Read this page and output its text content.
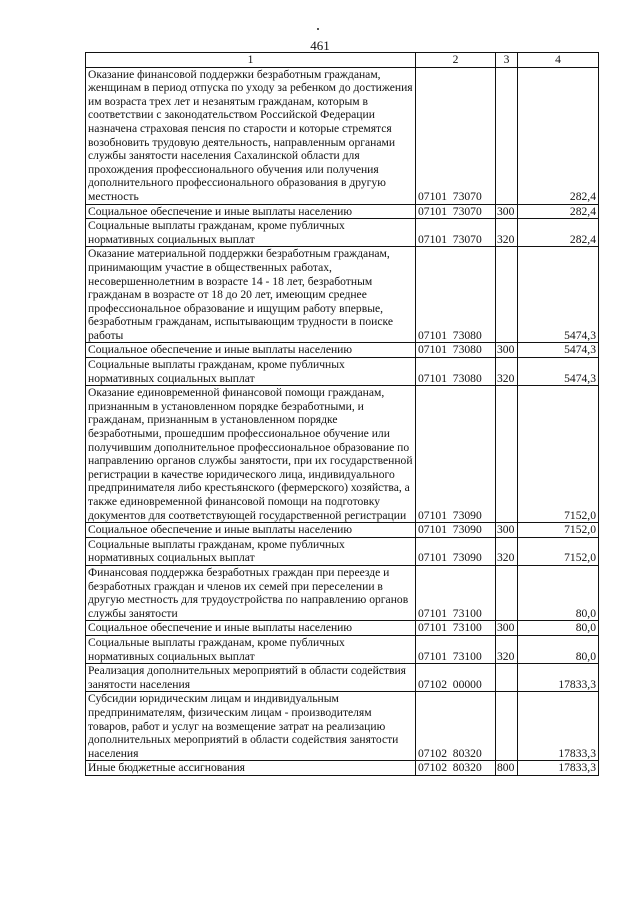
461
1	2	3	4
Оказание финансовой поддержки безработным гражданам, женщинам в период отпуска по уходу за ребенком до достижения им возраста трех лет и незанятым гражданам, которым в соответствии с законодательством Российской Федерации назначена страховая пенсия по старости и которые стремятся возобновить трудовую деятельность, направленным органами службы занятости населения Сахалинской области для прохождения профессионального обучения или получения дополнительного профессионального образования в другую местность	07101  73070		282,4
Социальное обеспечение и иные выплаты населению	07101  73070	300	282,4
Социальные выплаты гражданам, кроме публичных нормативных социальных выплат	07101  73070	320	282,4
Оказание материальной поддержки безработным гражданам, принимающим участие в общественных работах, несовершеннолетним в возрасте 14 - 18 лет, безработным гражданам в возрасте от 18 до 20 лет, имеющим среднее профессиональное образование и ищущим работу впервые, безработным гражданам, испытывающим трудности в поиске работы	07101  73080		5474,3
Социальное обеспечение и иные выплаты населению	07101  73080	300	5474,3
Социальные выплаты гражданам, кроме публичных нормативных социальных выплат	07101  73080	320	5474,3
Оказание единовременной финансовой помощи гражданам, признанным в установленном порядке безработными, и гражданам, признанным в установленном порядке безработными, прошедшим профессиональное обучение или получившим дополнительное профессиональное образование по направлению органов службы занятости, при их государственной регистрации в качестве юридического лица, индивидуального предпринимателя либо крестьянского (фермерского) хозяйства, а также единовременной финансовой помощи на подготовку документов для соответствующей государственной регистрации	07101  73090		7152,0
Социальное обеспечение и иные выплаты населению	07101  73090	300	7152,0
Социальные выплаты гражданам, кроме публичных нормативных социальных выплат	07101  73090	320	7152,0
Финансовая поддержка безработных граждан при переезде и безработных граждан и членов их семей при переселении в другую местность для трудоустройства по направлению органов службы занятости	07101  73100		80,0
Социальное обеспечение и иные выплаты населению	07101  73100	300	80,0
Социальные выплаты гражданам, кроме публичных нормативных социальных выплат	07101  73100	320	80,0
Реализация дополнительных мероприятий в области содействия занятости населения	07102  00000		17833,3
Субсидии юридическим лицам и индивидуальным предпринимателям, физическим лицам - производителям товаров, работ и услуг на возмещение затрат на реализацию дополнительных мероприятий в области содействия занятости населения	07102  80320		17833,3
Иные бюджетные ассигнования	07102  80320	800	17833,3
